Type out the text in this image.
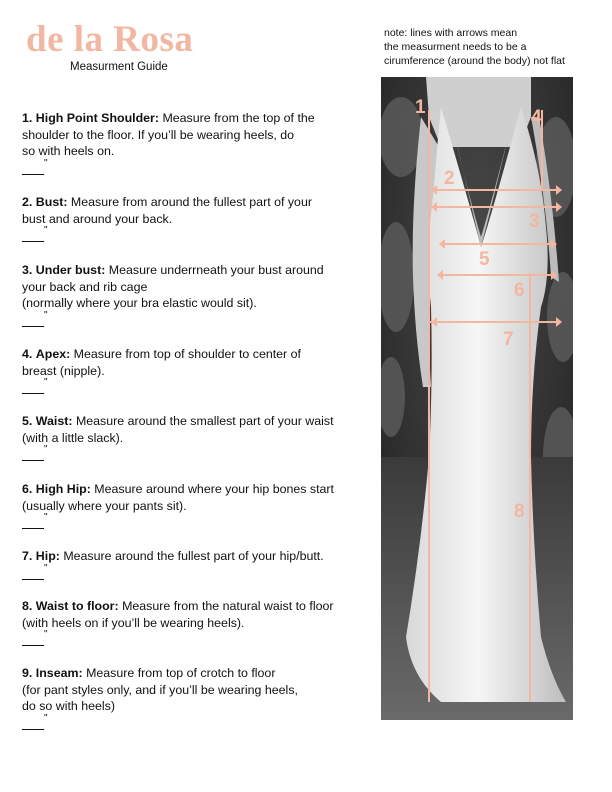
de la Rosa
Measurment Guide
note: lines with arrows mean
the measurment needs to be a
cirumference (around the body) not flat
1. High Point Shoulder: Measure from the top of the
shoulder to the floor. If you’ll be wearing heels, do
so with heels on.
"
2. Bust: Measure from around the fullest part of your
bust and around your back.
"
3. Under bust: Measure underrneath your bust around
your back and rib cage
(normally where your bra elastic would sit).
"
4. Apex: Measure from top of shoulder to center of
breast (nipple).
"
5. Waist: Measure around the smallest part of your waist
(with a little slack).
"
6. High Hip: Measure around where your hip bones start
(usually where your pants sit).
"
7. Hip: Measure around the fullest part of your hip/butt.
"
8. Waist to floor: Measure from the natural waist to floor
(with heels on if you’ll be wearing heels).
"
9. Inseam: Measure from top of crotch to floor
(for pant styles only, and if you’ll be wearing heels,
do so with heels)
"
1
2
3
4
5
6
7
8
